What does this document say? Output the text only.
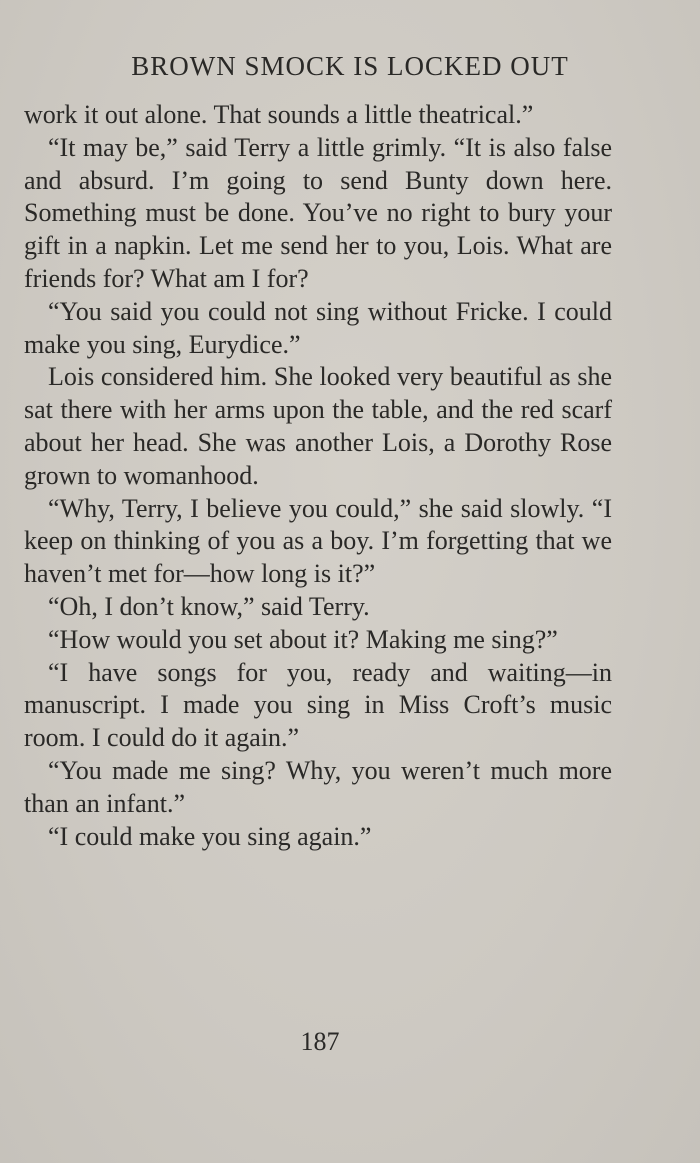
BROWN SMOCK IS LOCKED OUT

work it out alone. That sounds a little theatrical.”

“It may be,” said Terry a little grimly. “It is also false and absurd. I’m going to send Bunty down here. Something must be done. You’ve no right to bury your gift in a napkin. Let me send her to you, Lois. What are friends for? What am I for?

“You said you could not sing without Fricke. I could make you sing, Eurydice.”

Lois considered him. She looked very beautiful as she sat there with her arms upon the table, and the red scarf about her head. She was another Lois, a Dorothy Rose grown to womanhood.

“Why, Terry, I believe you could,” she said slowly. “I keep on thinking of you as a boy. I’m forgetting that we haven’t met for—how long is it?”

“Oh, I don’t know,” said Terry.

“How would you set about it? Making me sing?”

“I have songs for you, ready and waiting—in manuscript. I made you sing in Miss Croft’s music room. I could do it again.”

“You made me sing? Why, you weren’t much more than an infant.”

“I could make you sing again.”

187
